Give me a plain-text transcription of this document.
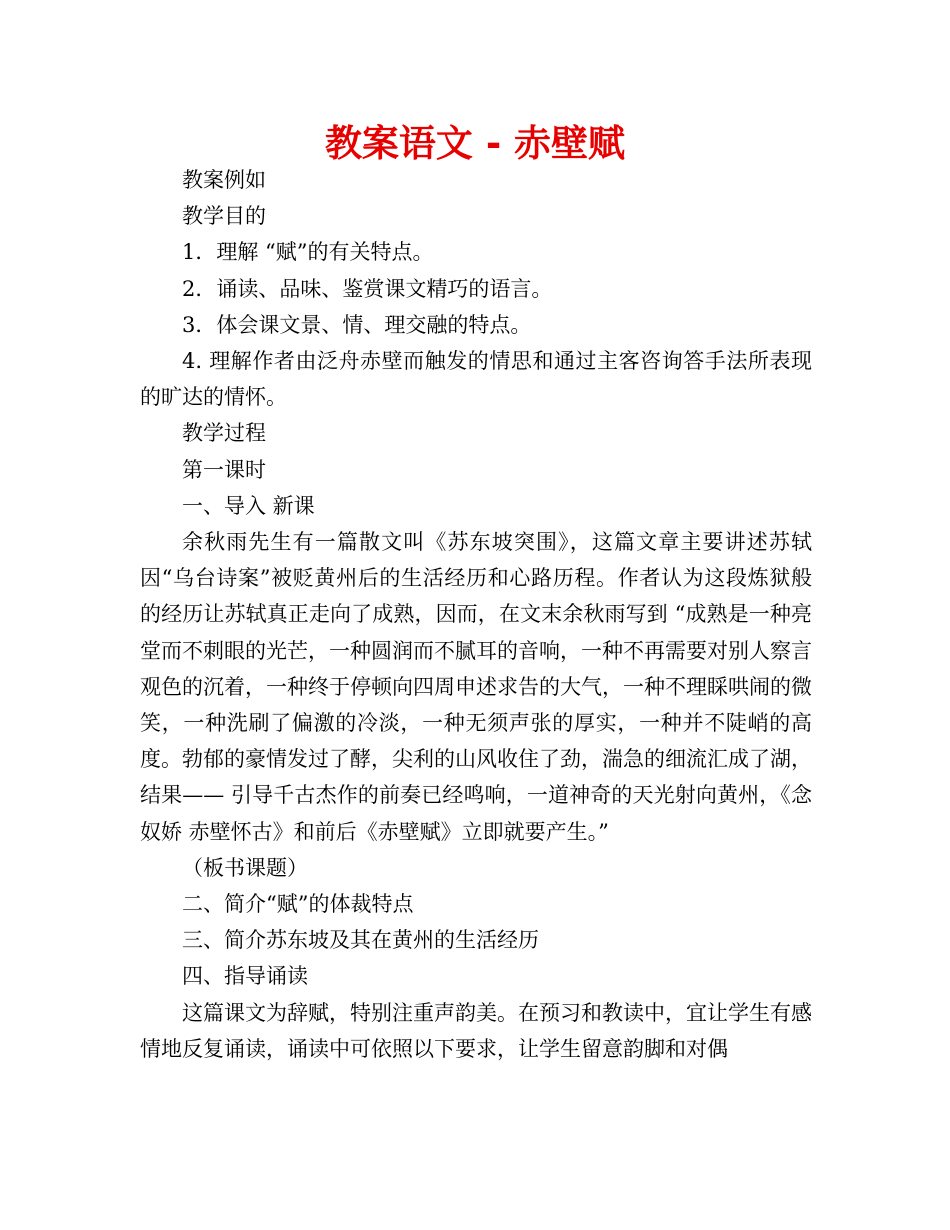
教案语文 - 赤壁赋

教案例如

教学目的

1．理解 “赋”的有关特点。

2．诵读、品味、鉴赏课文精巧的语言。

3．体会课文景、情、理交融的特点。

4. 理解作者由泛舟赤壁而触发的情思和通过主客咨询答手法所表现的旷达的情怀。

教学过程

第一课时

一、导入 新课

余秋雨先生有一篇散文叫《苏东坡突围》，这篇文章主要讲述苏轼因“乌台诗案”被贬黄州后的生活经历和心路历程。作者认为这段炼狱般的经历让苏轼真正走向了成熟，因而，在文末余秋雨写到 “成熟是一种亮堂而不刺眼的光芒，一种圆润而不腻耳的音响，一种不再需要对别人察言观色的沉着，一种终于停顿向四周申述求告的大气，一种不理睬哄闹的微笑，一种洗刷了偏激的冷淡，一种无须声张的厚实，一种并不陡峭的高度。勃郁的豪情发过了酵，尖利的山风收住了劲，湍急的细流汇成了湖，结果—— 引导千古杰作的前奏已经鸣响，一道神奇的天光射向黄州，《念奴娇 赤壁怀古》和前后《赤壁赋》立即就要产生。”

（板书课题）

二、简介“赋”的体裁特点

三、简介苏东坡及其在黄州的生活经历

四、指导诵读

这篇课文为辞赋，特别注重声韵美。在预习和教读中，宜让学生有感情地反复诵读，诵读中可依照以下要求，让学生留意韵脚和对偶
